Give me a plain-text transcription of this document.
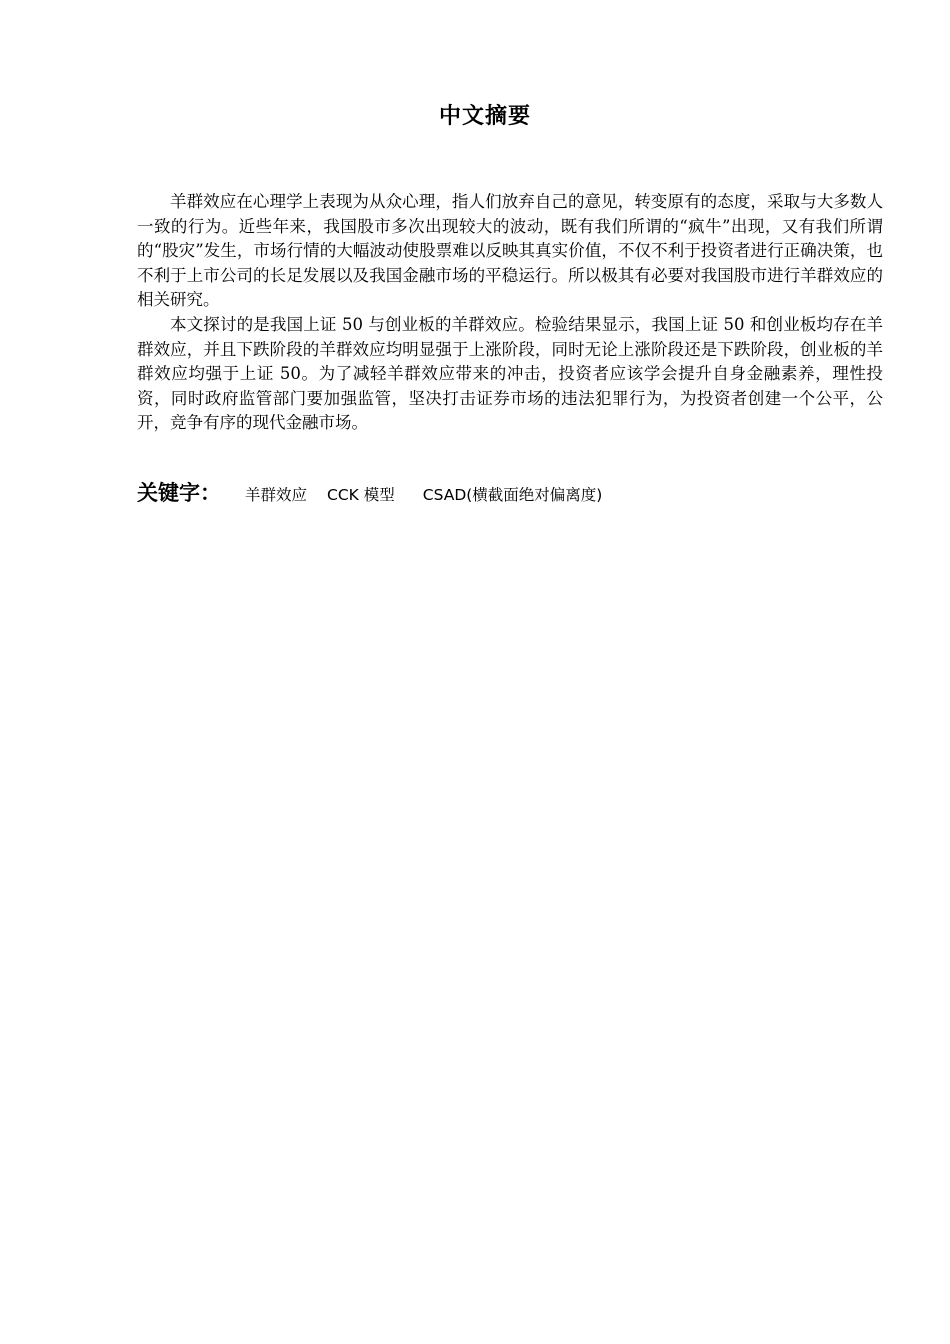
中文摘要

羊群效应在心理学上表现为从众心理，指人们放弃自己的意见，转变原有的态度，采取与大多数人一致的行为。近些年来，我国股市多次出现较大的波动，既有我们所谓的“疯牛”出现，又有我们所谓的“股灾”发生，市场行情的大幅波动使股票难以反映其真实价值，不仅不利于投资者进行正确决策，也不利于上市公司的长足发展以及我国金融市场的平稳运行。所以极其有必要对我国股市进行羊群效应的相关研究。

本文探讨的是我国上证 50 与创业板的羊群效应。检验结果显示，我国上证 50 和创业板均存在羊群效应，并且下跌阶段的羊群效应均明显强于上涨阶段，同时无论上涨阶段还是下跌阶段，创业板的羊群效应均强于上证 50。为了减轻羊群效应带来的冲击，投资者应该学会提升自身金融素养，理性投资，同时政府监管部门要加强监管，坚决打击证券市场的违法犯罪行为，为投资者创建一个公平，公开，竞争有序的现代金融市场。

关键字： 羊群效应 CCK 模型 CSAD(横截面绝对偏离度)
